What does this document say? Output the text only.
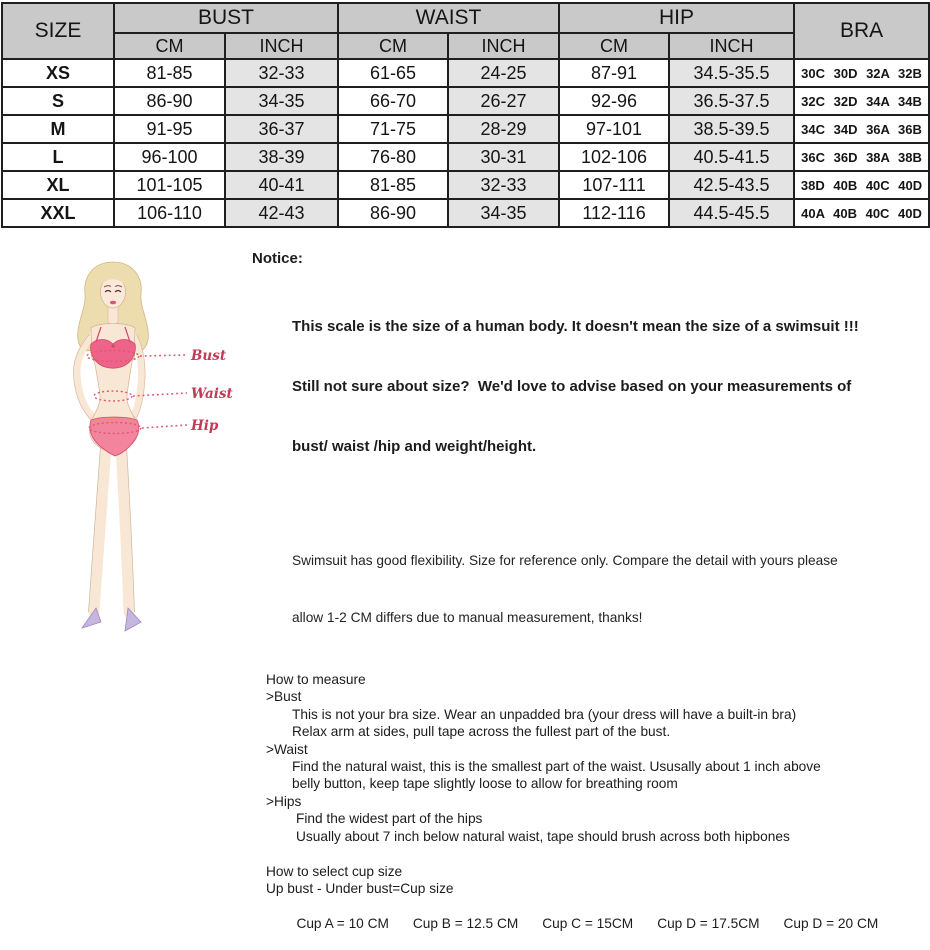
SIZE	BUST		WAIST		HIP		BRA
	CM	INCH	CM	INCH	CM	INCH	
XS	81-85	32-33	61-65	24-25	87-91	34.5-35.5	30C 30D 32A 32B
S	86-90	34-35	66-70	26-27	92-96	36.5-37.5	32C 32D 34A 34B
M	91-95	36-37	71-75	28-29	97-101	38.5-39.5	34C 34D 36A 36B
L	96-100	38-39	76-80	30-31	102-106	40.5-41.5	36C 36D 38A 38B
XL	101-105	40-41	81-85	32-33	107-111	42.5-43.5	38D 40B 40C 40D
XXL	106-110	42-43	86-90	34-35	112-116	44.5-45.5	40A 40B 40C 40D
Bust
Waist
Hip
Notice:

This scale is the size of a human body. It doesn't mean the size of a swimsuit !!!

Still not sure about size?  We'd love to advise based on your measurements of

bust/ waist /hip and weight/height.

Swimsuit has good flexibility. Size for reference only. Compare the detail with yours please

allow 1-2 CM differs due to manual measurement, thanks!

How to measure
>Bust
This is not your bra size. Wear an unpadded bra (your dress will have a built-in bra)
Relax arm at sides, pull tape across the fullest part of the bust.
>Waist
Find the natural waist, this is the smallest part of the waist. Ususally about 1 inch above
belly button, keep tape slightly loose to allow for breathing room
>Hips
Find the widest part of the hips
Usually about 7 inch below natural waist, tape should brush across both hipbones
How to select cup size
Up bust - Under bust=Cup size

Cup A = 10 CM Cup B = 12.5 CM Cup C = 15CM Cup D = 17.5CM Cup D = 20 CM
